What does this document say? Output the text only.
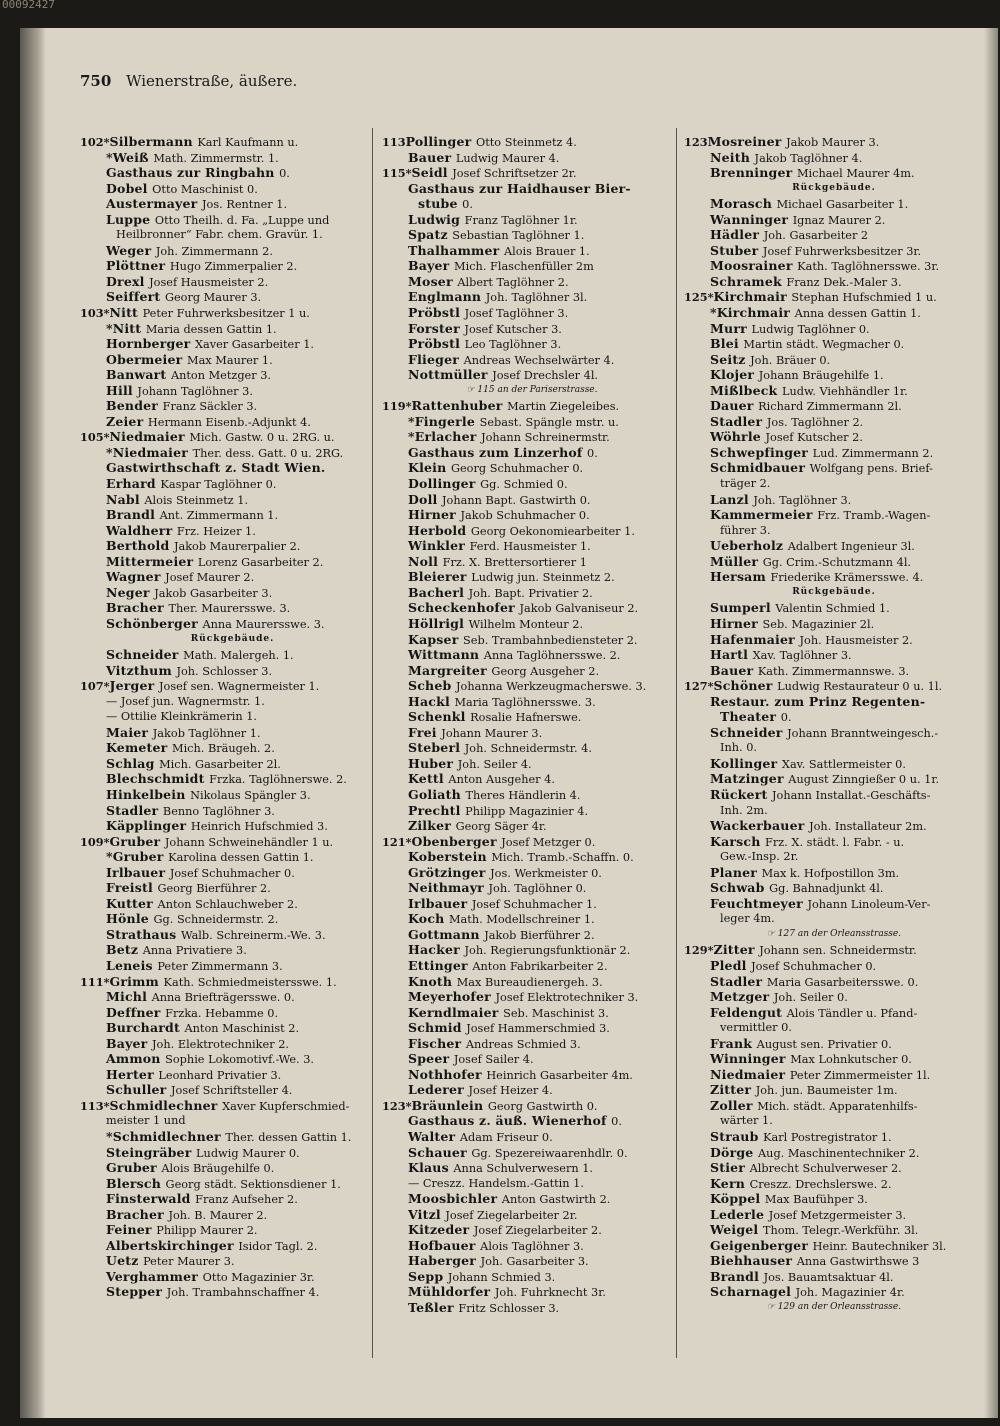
750 Wienerstraße, äußere.
102*Silbermann Karl Kaufmann u.
*Weiß Math. Zimmermstr. 1.
Gasthaus zur Ringbahn 0.
Dobel Otto Maschinist 0.
Austermayer Jos. Rentner 1.
Luppe Otto Theilh. d. Fa. „Luppe und
Heilbronner“ Fabr. chem. Gravür. 1.
Weger Joh. Zimmermann 2.
Plöttner Hugo Zimmerpalier 2.
Drexl Josef Hausmeister 2.
Seiffert Georg Maurer 3.
103*Nitt Peter Fuhrwerksbesitzer 1 u.
*Nitt Maria dessen Gattin 1.
Hornberger Xaver Gasarbeiter 1.
Obermeier Max Maurer 1.
Banwart Anton Metzger 3.
Hill Johann Taglöhner 3.
Bender Franz Säckler 3.
Zeier Hermann Eisenb.-Adjunkt 4.
105*Niedmaier Mich. Gastw. 0 u. 2RG. u.
*Niedmaier Ther. dess. Gatt. 0 u. 2RG.
Gastwirthschaft z. Stadt Wien.
Erhard Kaspar Taglöhner 0.
Nabl Alois Steinmetz 1.
Brandl Ant. Zimmermann 1.
Waldherr Frz. Heizer 1.
Berthold Jakob Maurerpalier 2.
Mittermeier Lorenz Gasarbeiter 2.
Wagner Josef Maurer 2.
Neger Jakob Gasarbeiter 3.
Bracher Ther. Maurersswe. 3.
Schönberger Anna Maurersswe. 3.
Rückgebäude.
Schneider Math. Malergeh. 1.
Vitzthum Joh. Schlosser 3.
107*Jerger Josef sen. Wagnermeister 1.
— Josef jun. Wagnermstr. 1.
— Ottilie Kleinkrämerin 1.
Maier Jakob Taglöhner 1.
Kemeter Mich. Bräugeh. 2.
Schlag Mich. Gasarbeiter 2l.
Blechschmidt Frzka. Taglöhnerswe. 2.
Hinkelbein Nikolaus Spängler 3.
Stadler Benno Taglöhner 3.
Käpplinger Heinrich Hufschmied 3.
109*Gruber Johann Schweinehändler 1 u.
*Gruber Karolina dessen Gattin 1.
Irlbauer Josef Schuhmacher 0.
Freistl Georg Bierführer 2.
Kutter Anton Schlauchweber 2.
Hönle Gg. Schneidermstr. 2.
Strathaus Walb. Schreinerm.-We. 3.
Betz Anna Privatiere 3.
Leneis Peter Zimmermann 3.
111*Grimm Kath. Schmiedmeistersswe. 1.
Michl Anna Briefträgersswe. 0.
Deffner Frzka. Hebamme 0.
Burchardt Anton Maschinist 2.
Bayer Joh. Elektrotechniker 2.
Ammon Sophie Lokomotivf.-We. 3.
Herter Leonhard Privatier 3.
Schuller Josef Schriftsteller 4.
113*Schmidlechner Xaver Kupferschmied-
meister 1 und
*Schmidlechner Ther. dessen Gattin 1.
Steingräber Ludwig Maurer 0.
Gruber Alois Bräugehilfe 0.
Blersch Georg städt. Sektionsdiener 1.
Finsterwald Franz Aufseher 2.
Bracher Joh. B. Maurer 2.
Feiner Philipp Maurer 2.
Albertskirchinger Isidor Tagl. 2.
Uetz Peter Maurer 3.
Verghammer Otto Magazinier 3r.
Stepper Joh. Trambahnschaffner 4.
113Pollinger Otto Steinmetz 4.
Bauer Ludwig Maurer 4.
115*Seidl Josef Schriftsetzer 2r.
Gasthaus zur Haidhauser Bier-
stube 0.
Ludwig Franz Taglöhner 1r.
Spatz Sebastian Taglöhner 1.
Thalhammer Alois Brauer 1.
Bayer Mich. Flaschenfüller 2m
Moser Albert Taglöhner 2.
Englmann Joh. Taglöhner 3l.
Pröbstl Josef Taglöhner 3.
Forster Josef Kutscher 3.
Pröbstl Leo Taglöhner 3.
Flieger Andreas Wechselwärter 4.
Nottmüller Josef Drechsler 4l.
☞ 115 an der Pariserstrasse.
119*Rattenhuber Martin Ziegeleibes.
*Fingerle Sebast. Spängle mstr. u.
*Erlacher Johann Schreinermstr.
Gasthaus zum Linzerhof 0.
Klein Georg Schuhmacher 0.
Dollinger Gg. Schmied 0.
Doll Johann Bapt. Gastwirth 0.
Hirner Jakob Schuhmacher 0.
Herbold Georg Oekonomiearbeiter 1.
Winkler Ferd. Hausmeister 1.
Noll Frz. X. Brettersortierer 1
Bleierer Ludwig jun. Steinmetz 2.
Bacherl Joh. Bapt. Privatier 2.
Scheckenhofer Jakob Galvaniseur 2.
Höllrigl Wilhelm Monteur 2.
Kapser Seb. Trambahnbediensteter 2.
Wittmann Anna Taglöhnersswe. 2.
Margreiter Georg Ausgeher 2.
Scheb Johanna Werkzeugmacherswe. 3.
Hackl Maria Taglöhnersswe. 3.
Schenkl Rosalie Hafnerswe.
Frei Johann Maurer 3.
Steberl Joh. Schneidermstr. 4.
Huber Joh. Seiler 4.
Kettl Anton Ausgeher 4.
Goliath Theres Händlerin 4.
Prechtl Philipp Magazinier 4.
Zilker Georg Säger 4r.
121*Obenberger Josef Metzger 0.
Koberstein Mich. Tramb.-Schaffn. 0.
Grötzinger Jos. Werkmeister 0.
Neithmayr Joh. Taglöhner 0.
Irlbauer Josef Schuhmacher 1.
Koch Math. Modellschreiner 1.
Gottmann Jakob Bierführer 2.
Hacker Joh. Regierungsfunktionär 2.
Ettinger Anton Fabrikarbeiter 2.
Knoth Max Bureaudienergeh. 3.
Meyerhofer Josef Elektrotechniker 3.
Kerndlmaier Seb. Maschinist 3.
Schmid Josef Hammerschmied 3.
Fischer Andreas Schmied 3.
Speer Josef Sailer 4.
Nothhofer Heinrich Gasarbeiter 4m.
Lederer Josef Heizer 4.
123*Bräunlein Georg Gastwirth 0.
Gasthaus z. äuß. Wienerhof 0.
Walter Adam Friseur 0.
Schauer Gg. Spezereiwaarenhdlr. 0.
Klaus Anna Schulverwesern 1.
— Creszz. Handelsm.-Gattin 1.
Moosbichler Anton Gastwirth 2.
Vitzl Josef Ziegelarbeiter 2r.
Kitzeder Josef Ziegelarbeiter 2.
Hofbauer Alois Taglöhner 3.
Haberger Joh. Gasarbeiter 3.
Sepp Johann Schmied 3.
Mühldorfer Joh. Fuhrknecht 3r.
Teßler Fritz Schlosser 3.
123Mosreiner Jakob Maurer 3.
Neith Jakob Taglöhner 4.
Brenninger Michael Maurer 4m.
Rückgebäude.
Morasch Michael Gasarbeiter 1.
Wanninger Ignaz Maurer 2.
Hädler Joh. Gasarbeiter 2
Stuber Josef Fuhrwerksbesitzer 3r.
Moosrainer Kath. Taglöhnersswe. 3r.
Schramek Franz Dek.-Maler 3.
125*Kirchmair Stephan Hufschmied 1 u.
*Kirchmair Anna dessen Gattin 1.
Murr Ludwig Taglöhner 0.
Blei Martin städt. Wegmacher 0.
Seitz Joh. Bräuer 0.
Klojer Johann Bräugehilfe 1.
Mißlbeck Ludw. Viehhändler 1r.
Dauer Richard Zimmermann 2l.
Stadler Jos. Taglöhner 2.
Wöhrle Josef Kutscher 2.
Schwepfinger Lud. Zimmermann 2.
Schmidbauer Wolfgang pens. Brief-
träger 2.
Lanzl Joh. Taglöhner 3.
Kammermeier Frz. Tramb.-Wagen-
führer 3.
Ueberholz Adalbert Ingenieur 3l.
Müller Gg. Crim.-Schutzmann 4l.
Hersam Friederike Krämersswe. 4.
Rückgebäude.
Sumperl Valentin Schmied 1.
Hirner Seb. Magazinier 2l.
Hafenmaier Joh. Hausmeister 2.
Hartl Xav. Taglöhner 3.
Bauer Kath. Zimmermannswe. 3.
127*Schöner Ludwig Restaurateur 0 u. 1l.
Restaur. zum Prinz Regenten-
Theater 0.
Schneider Johann Branntweingesch.-
Inh. 0.
Kollinger Xav. Sattlermeister 0.
Matzinger August Zinngießer 0 u. 1r.
Rückert Johann Installat.-Geschäfts-
Inh. 2m.
Wackerbauer Joh. Installateur 2m.
Karsch Frz. X. städt. l. Fabr. - u.
Gew.-Insp. 2r.
Planer Max k. Hofpostillon 3m.
Schwab Gg. Bahnadjunkt 4l.
Feuchtmeyer Johann Linoleum-Ver-
leger 4m.
☞ 127 an der Orleansstrasse.
129*Zitter Johann sen. Schneidermstr.
Pledl Josef Schuhmacher 0.
Stadler Maria Gasarbeitersswe. 0.
Metzger Joh. Seiler 0.
Feldengut Alois Tändler u. Pfand-
vermittler 0.
Frank August sen. Privatier 0.
Winninger Max Lohnkutscher 0.
Niedmaier Peter Zimmermeister 1l.
Zitter Joh. jun. Baumeister 1m.
Zoller Mich. städt. Apparatenhilfs-
wärter 1.
Straub Karl Postregistrator 1.
Dörge Aug. Maschinentechniker 2.
Stier Albrecht Schulverweser 2.
Kern Creszz. Drechslerswe. 2.
Köppel Max Baufühper 3.
Lederle Josef Metzgermeister 3.
Weigel Thom. Telegr.-Werkführ. 3l.
Geigenberger Heinr. Bautechniker 3l.
Biehhauser Anna Gastwirthswe 3
Brandl Jos. Bauamtsaktuar 4l.
Scharnagel Joh. Magazinier 4r.
☞ 129 an der Orleansstrasse.
00092427
